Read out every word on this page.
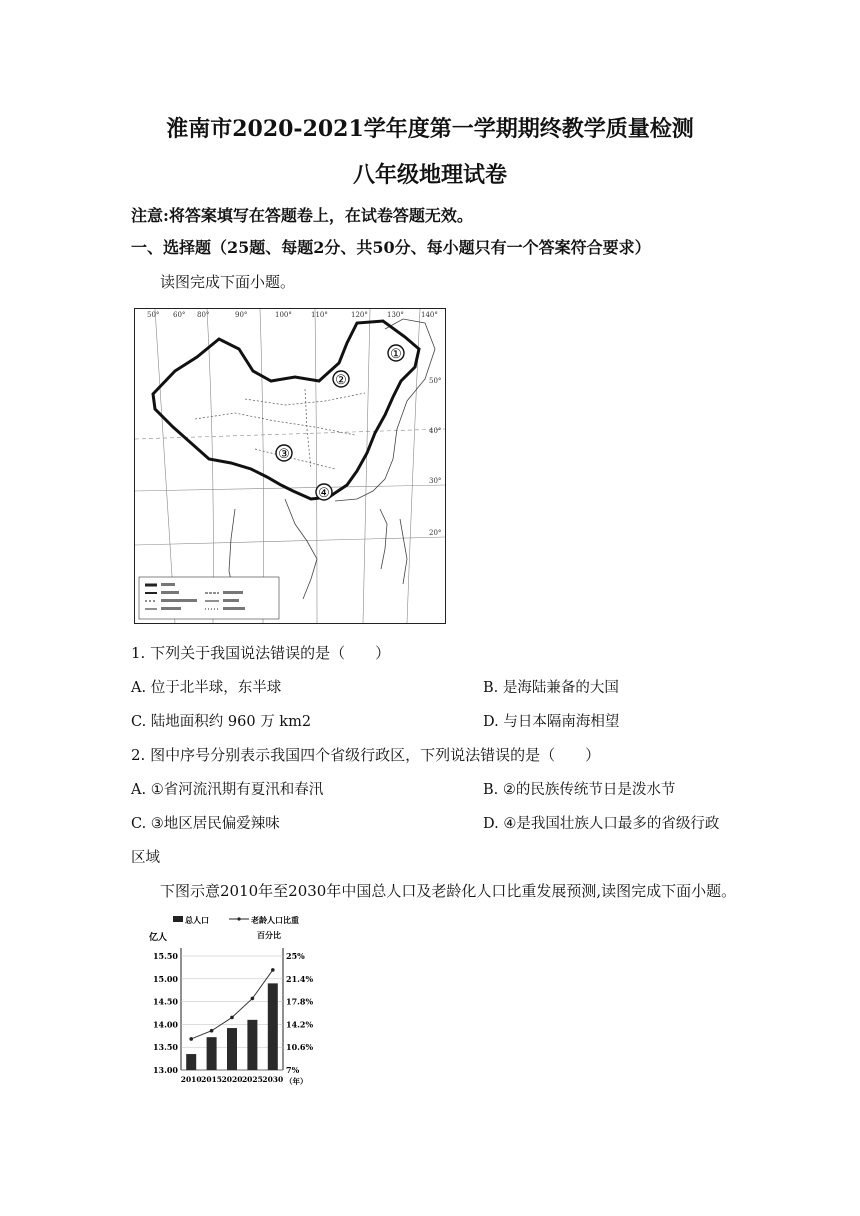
淮南市2020-2021学年度第一学期期终教学质量检测
八年级地理试卷
注意:将答案填写在答题卷上，在试卷答题无效。
一、选择题（25题、每题2分、共50分、每小题只有一个答案符合要求）
读图完成下面小题。
①
②
③
④
50° 60° 80°	90°	100°	110°	120°	130° 140°
50°
40°
30°
20°
1. 下列关于我国说法错误的是（　　）
A. 位于北半球，东半球	B. 是海陆兼备的大国
C. 陆地面积约 960 万 km2	D. 与日本隔南海相望
2. 图中序号分别表示我国四个省级行政区，下列说法错误的是（　　）
A. ①省河流汛期有夏汛和春汛	B. ②的民族传统节日是泼水节
C. ③地区居民偏爱辣味	D. ④是我国壮族人口最多的省级行政
区域
下图示意2010年至2030年中国总人口及老龄化人口比重发展预测,读图完成下面小题。
总人口	老龄人口比重
亿人	百分比
15.50
15.00
14.50
14.00
13.50
13.00
25%
21.4%
17.8%
14.2%
10.6%
7%
2010 2015 2020 2025 2030 （年）
